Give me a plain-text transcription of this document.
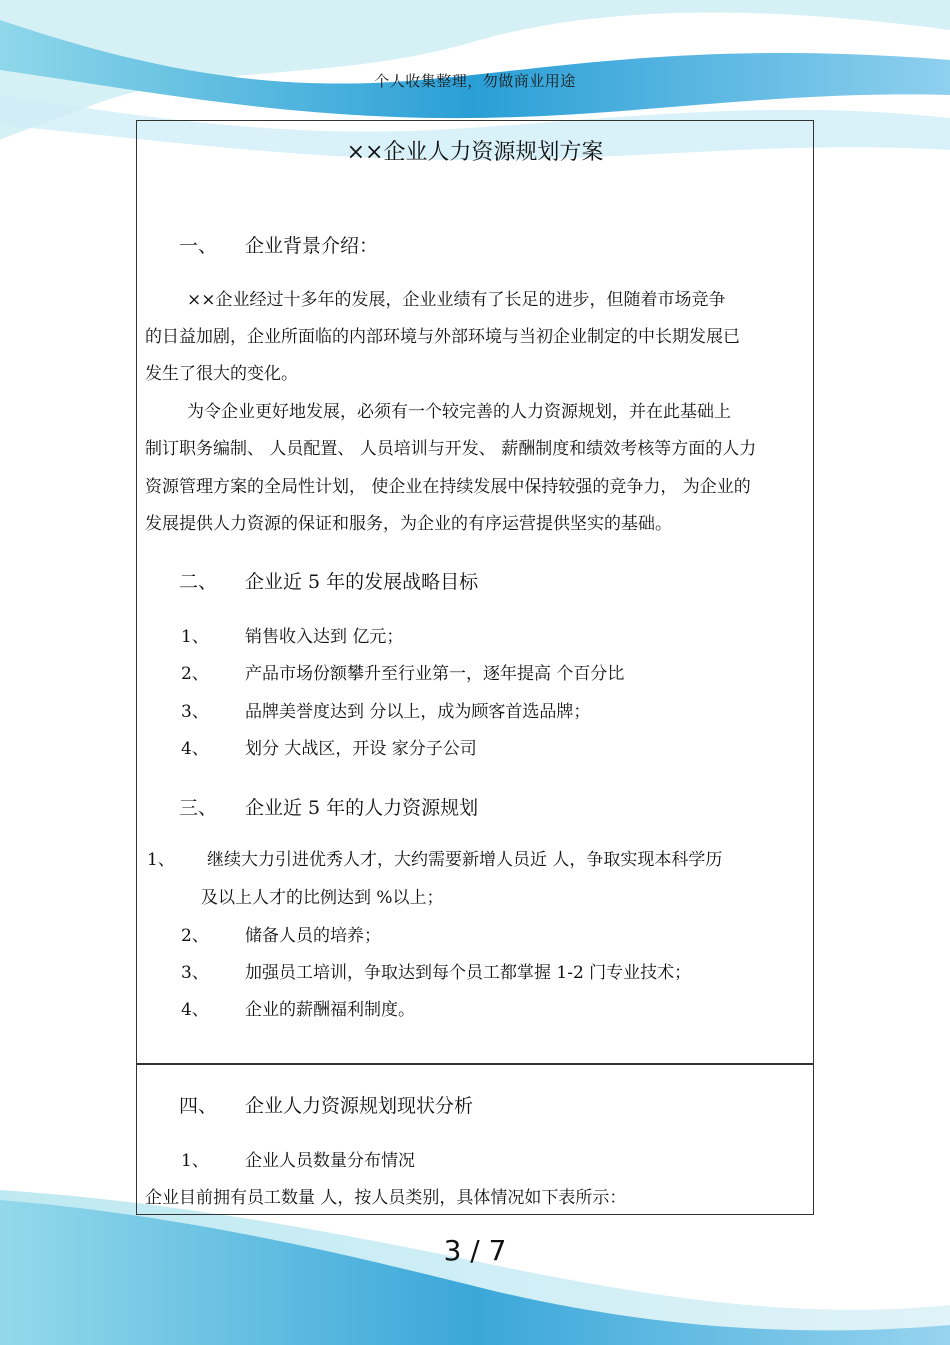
个人收集整理，勿做商业用途
××企业人力资源规划方案
一、 企业背景介绍：
××企业经过十多年的发展，企业业绩有了长足的进步，但随着市场竞争
的日益加剧，企业所面临的内部环境与外部环境与当初企业制定的中长期发展已
发生了很大的变化。
为令企业更好地发展，必须有一个较完善的人力资源规划，并在此基础上
制订职务编制、 人员配置、 人员培训与开发、 薪酬制度和绩效考核等方面的人力
资源管理方案的全局性计划， 使企业在持续发展中保持较强的竞争力， 为企业的
发展提供人力资源的保证和服务，为企业的有序运营提供坚实的基础。
二、 企业近 5 年的发展战略目标
1、 销售收入达到 亿元；
2、 产品市场份额攀升至行业第一，逐年提高 个百分比
3、 品牌美誉度达到 分以上，成为顾客首选品牌；
4、 划分 大战区，开设 家分子公司
三、 企业近 5 年的人力资源规划
1、 继续大力引进优秀人才，大约需要新增人员近 人，争取实现本科学历
及以上人才的比例达到 %以上；
2、 储备人员的培养；
3、 加强员工培训，争取达到每个员工都掌握 1-2 门专业技术；
4、 企业的薪酬福利制度。
四、 企业人力资源规划现状分析
1、 企业人员数量分布情况
企业目前拥有员工数量 人，按人员类别，具体情况如下表所示：
3 / 7
